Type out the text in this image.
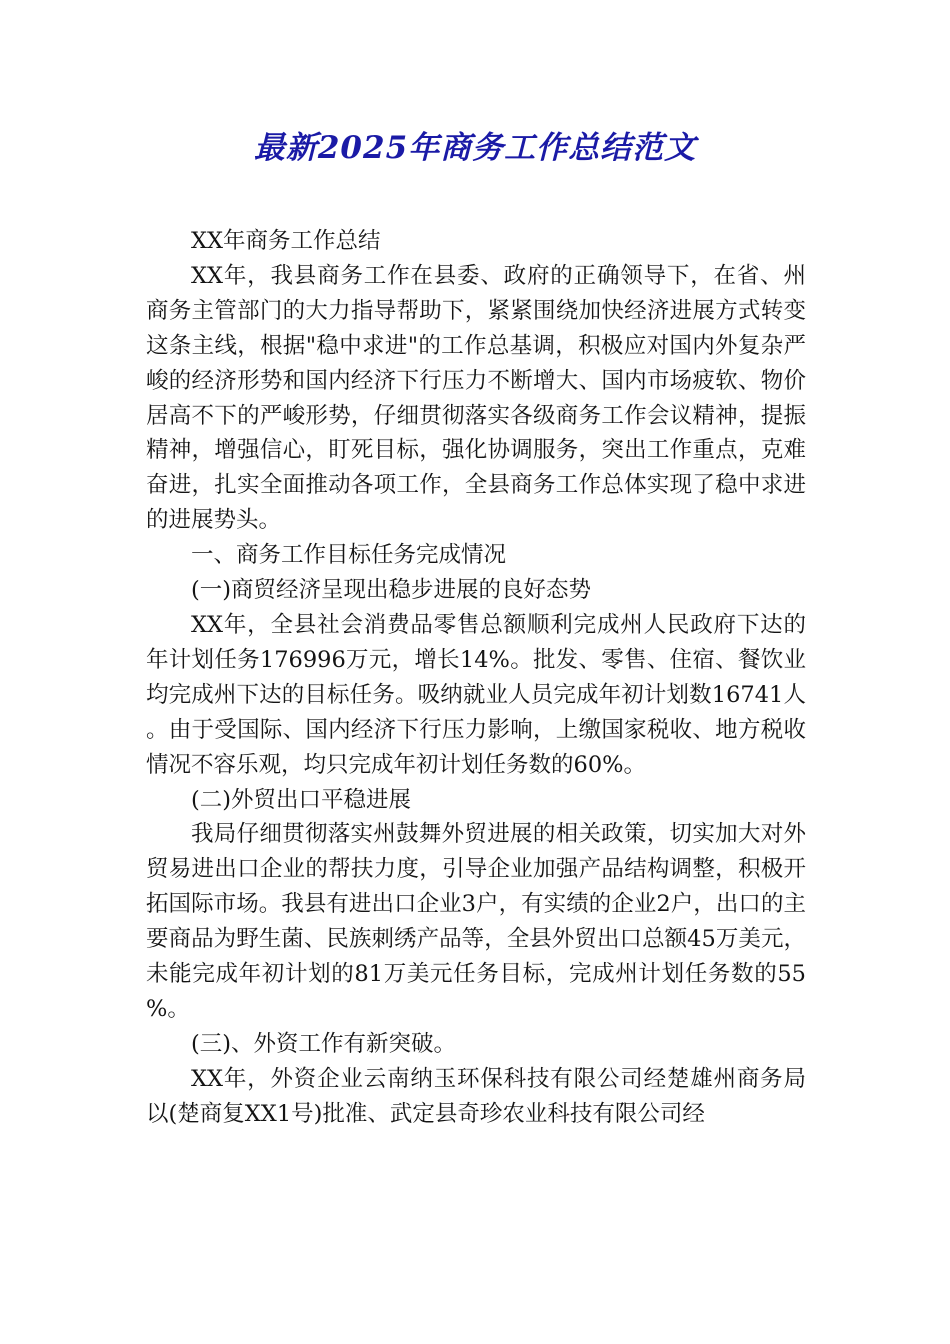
最新2025年商务工作总结范文

XX年商务工作总结

XX年，我县商务工作在县委、政府的正确领导下，在省、州商务主管部门的大力指导帮助下，紧紧围绕加快经济进展方式转变这条主线，根据"稳中求进"的工作总基调，积极应对国内外复杂严峻的经济形势和国内经济下行压力不断增大、国内市场疲软、物价居高不下的严峻形势，仔细贯彻落实各级商务工作会议精神，提振精神，增强信心，盯死目标，强化协调服务，突出工作重点，克难奋进，扎实全面推动各项工作，全县商务工作总体实现了稳中求进的进展势头。

一、商务工作目标任务完成情况

(一)商贸经济呈现出稳步进展的良好态势

XX年，全县社会消费品零售总额顺利完成州人民政府下达的年计划任务176996万元，增长14%。批发、零售、住宿、餐饮业均完成州下达的目标任务。吸纳就业人员完成年初计划数16741人。由于受国际、国内经济下行压力影响，上缴国家税收、地方税收情况不容乐观，均只完成年初计划任务数的60%。

(二)外贸出口平稳进展

我局仔细贯彻落实州鼓舞外贸进展的相关政策，切实加大对外贸易进出口企业的帮扶力度，引导企业加强产品结构调整，积极开拓国际市场。我县有进出口企业3户，有实绩的企业2户，出口的主要商品为野生菌、民族刺绣产品等，全县外贸出口总额45万美元，未能完成年初计划的81万美元任务目标，完成州计划任务数的55%。

(三)、外资工作有新突破。

XX年，外资企业云南纳玉环保科技有限公司经楚雄州商务局以(楚商复XX1号)批准、武定县奇珍农业科技有限公司经
